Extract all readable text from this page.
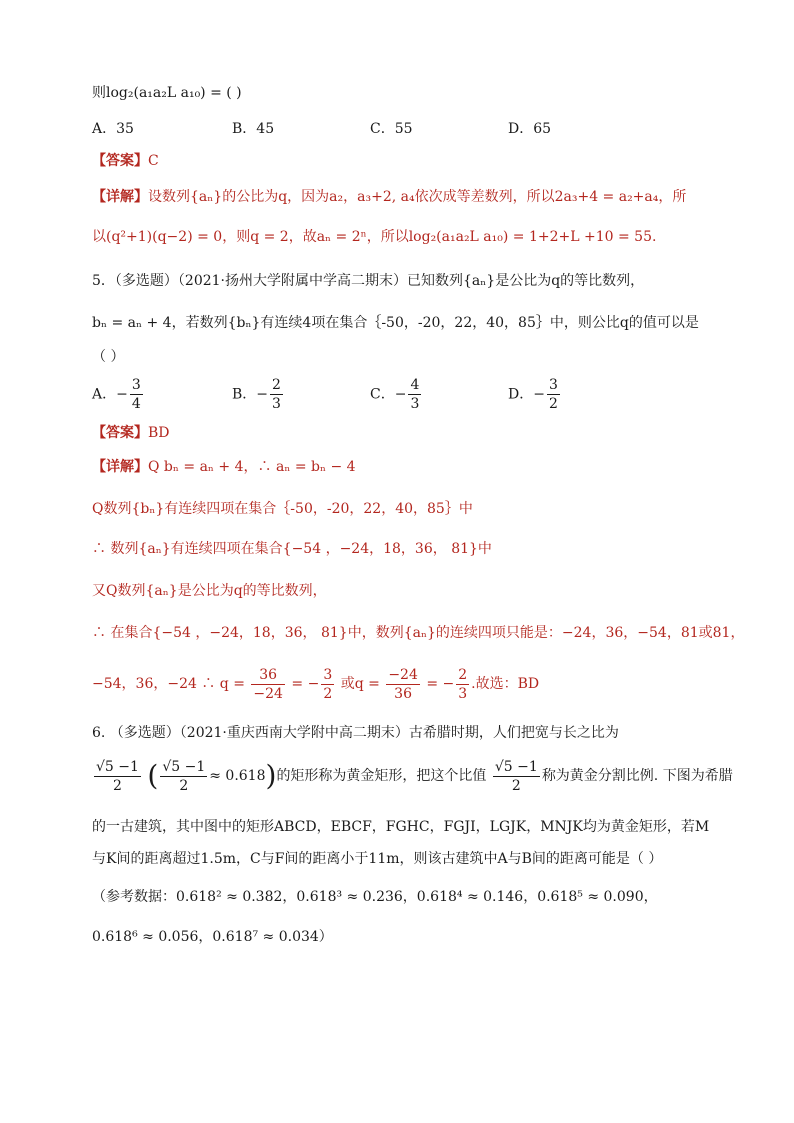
则log₂(a₁a₂L a₁₀) = ( )
A．35	B．45	C．55	D．65
【答案】C
【详解】设数列{aₙ}的公比为q，因为a₂，a₃+2, a₄依次成等差数列，所以2a₃+4 = a₂+a₄，所
以(q²+1)(q−2) = 0，则q = 2，故aₙ = 2ⁿ，所以log₂(a₁a₂L a₁₀) = 1+2+L +10 = 55.
5．（多选题）（2021·扬州大学附属中学高二期末）已知数列{aₙ}是公比为q的等比数列，
bₙ = aₙ + 4，若数列{bₙ}有连续4项在集合｛-50，-20，22，40，85｝中，则公比q的值可以是
（ ）
A．− $\frac{3}{4}$	B．− $\frac{2}{3}$	C．− $\frac{4}{3}$	D．− $\frac{3}{2}$
【答案】BD
【详解】Q bₙ = aₙ + 4，∴ aₙ = bₙ − 4
Q数列{bₙ}有连续四项在集合｛-50，-20，22，40，85｝中
∴ 数列{aₙ}有连续四项在集合{−54 ，−24，18，36， 81}中
又Q数列{aₙ}是公比为q的等比数列，
∴ 在集合{−54 ，−24，18，36， 81}中，数列{aₙ}的连续四项只能是：−24，36，−54，81或81，
−54，36，−24 ∴ $q = \frac{36}{-24}$ = − $\frac{3}{2}$ 或$q = \frac{-24}{36}$ = − $\frac{2}{3}$ .故选：BD
6. （多选题）（2021·重庆西南大学附中高二期末）古希腊时期，人们把宽与长之比为
$\frac{√5 -1}{2}$ ( $\frac{√5 -1}{2} \approx 0.618$)的矩形称为黄金矩形，把这个比值 $\frac{√5 -1}{2}$ 称为黄金分割比例. 下图为希腊
的一古建筑，其中图中的矩形ABCD，EBCF，FGHC，FGJI，LGJK，MNJK均为黄金矩形，若M
与K间的距离超过1.5m，C与F间的距离小于11m，则该古建筑中A与B间的距离可能是（ ）
（参考数据：0.618² ≈ 0.382，0.618³ ≈ 0.236，0.618⁴ ≈ 0.146，0.618⁵ ≈ 0.090，
0.618⁶ ≈ 0.056，0.618⁷ ≈ 0.034）
